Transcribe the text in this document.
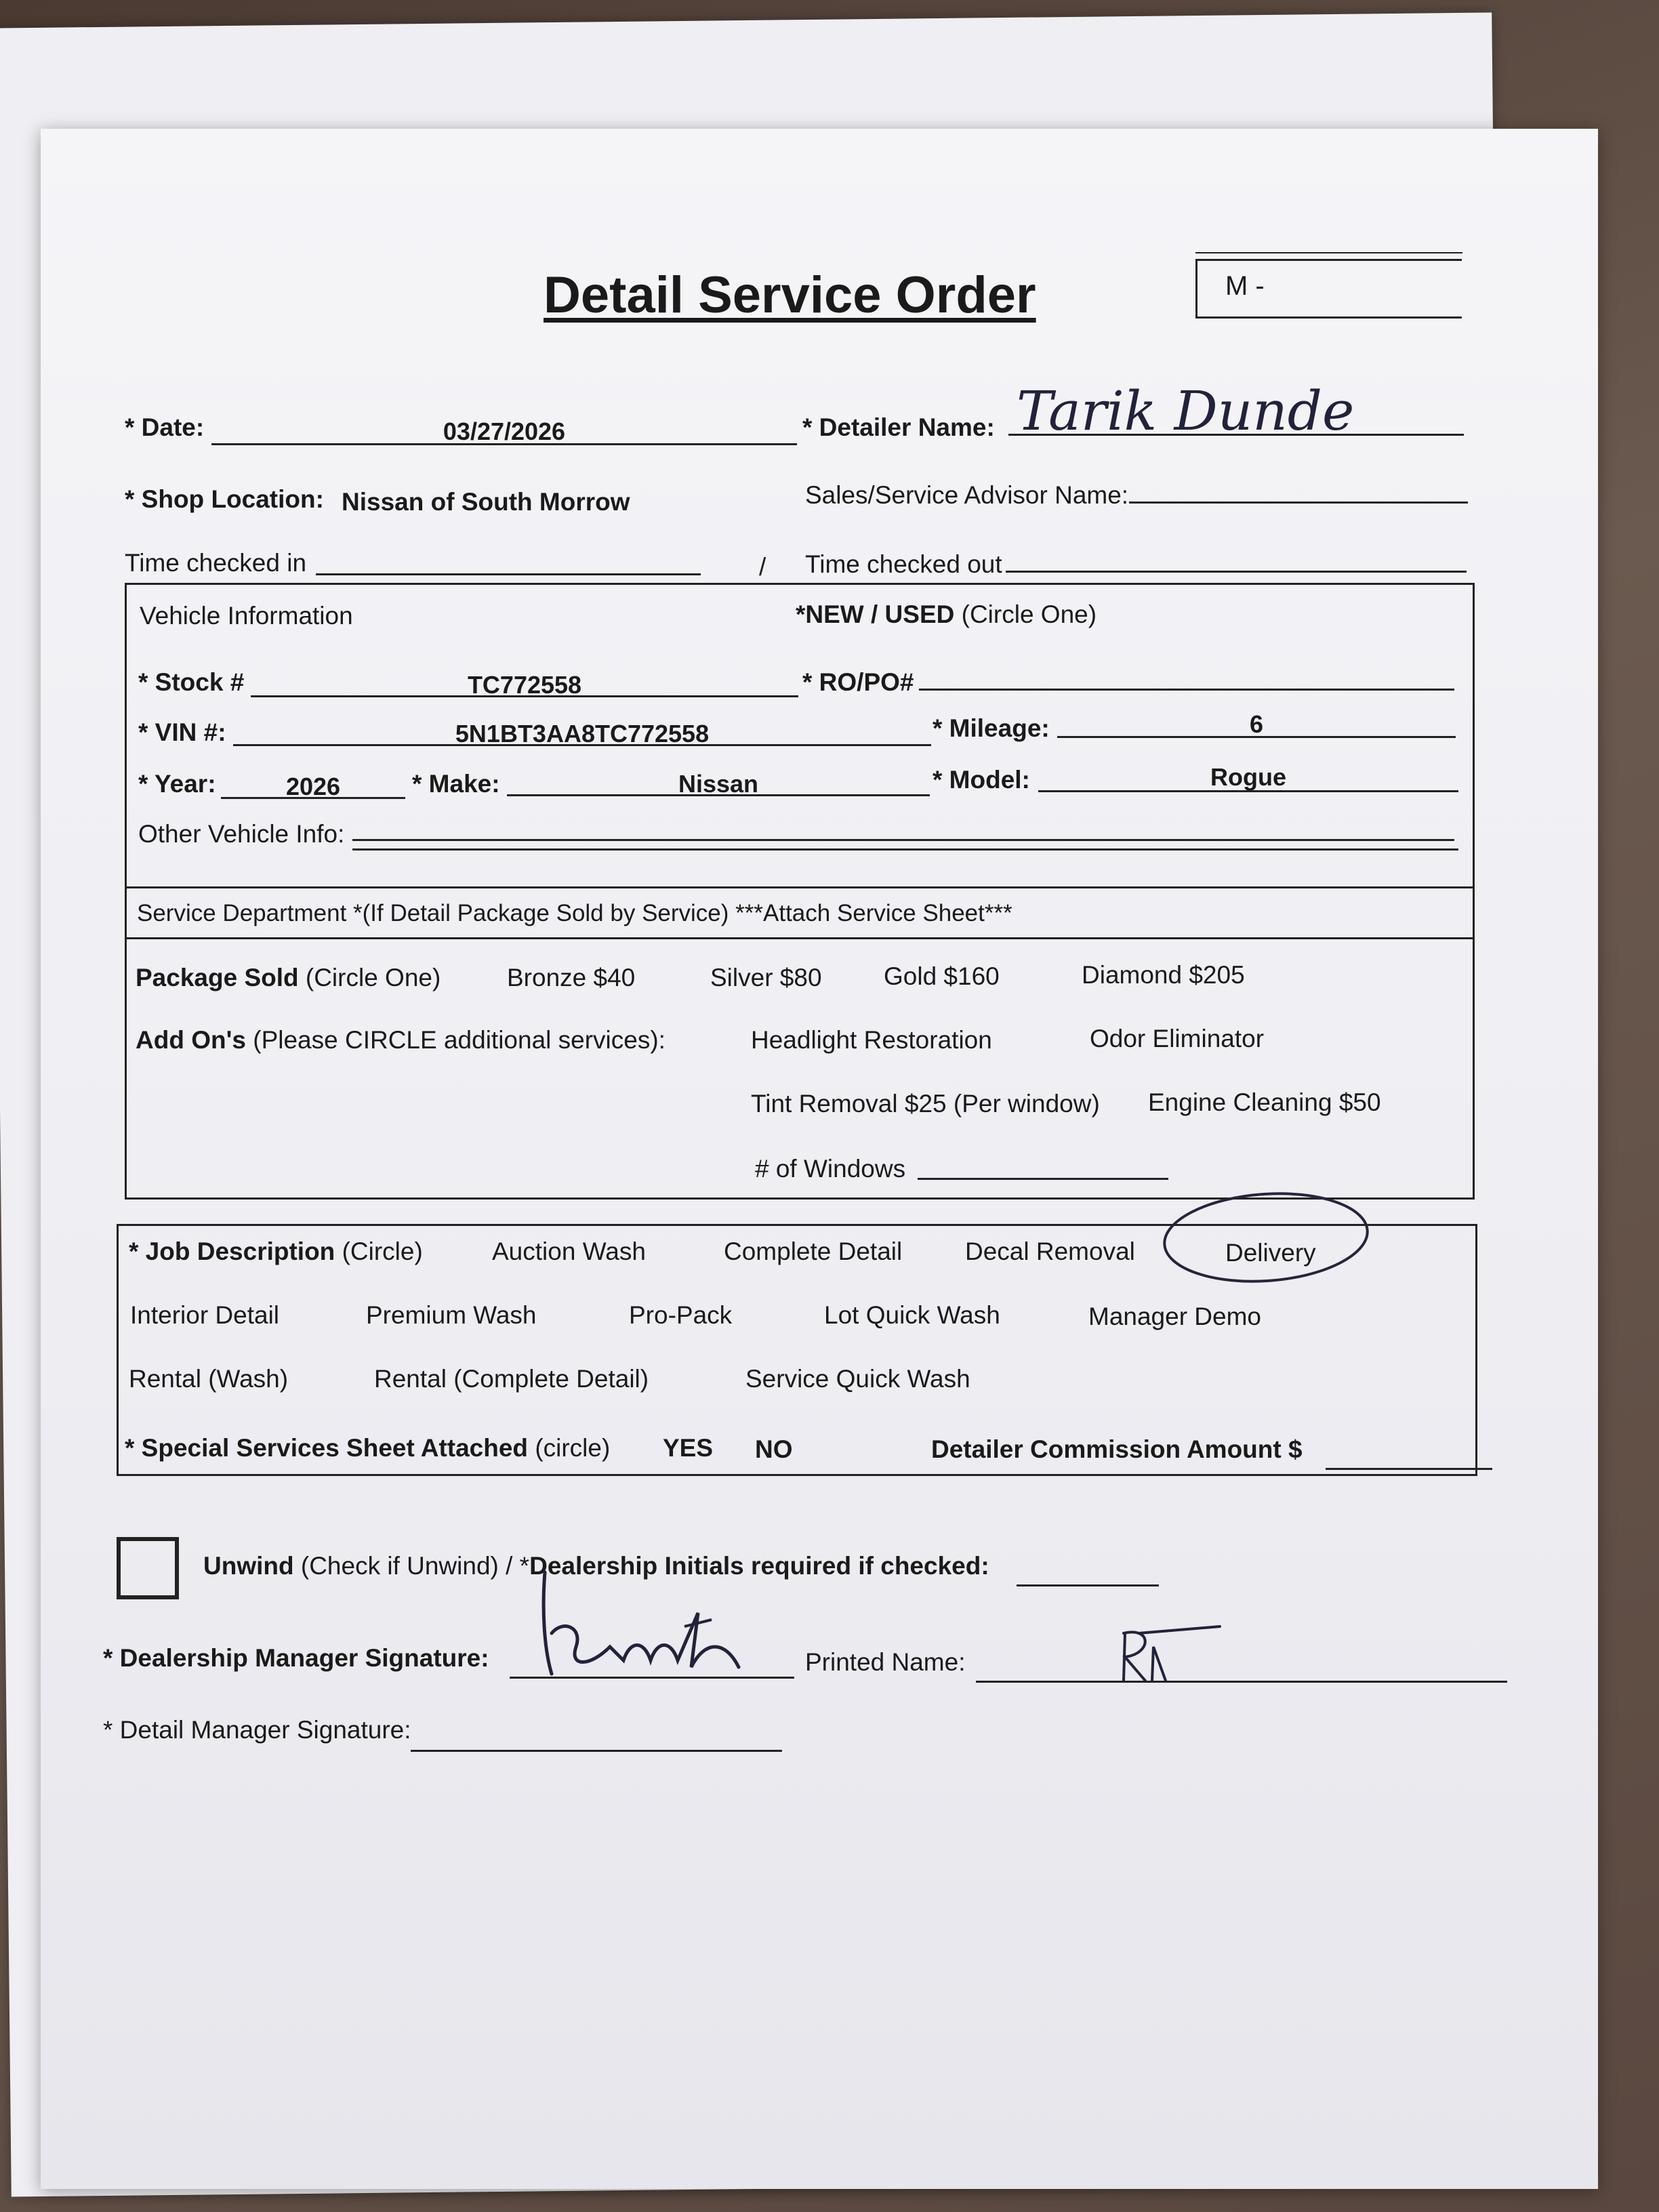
Detail Service Order	M -
* Date:	03/27/2026	* Detailer Name: Tarik Dunde
* Shop Location: Nissan of South Morrow	Sales/Service Advisor Name:
Time checked in	/ Time checked out
Vehicle Information	*NEW / USED (Circle One)
* Stock #	TC772558	* RO/PO#
* VIN #:	5N1BT3AA8TC772558	* Mileage:	6
* Year:	2026	* Make:	Nissan	* Model:	Rogue
Other Vehicle Info:
Service Department *(If Detail Package Sold by Service) ***Attach Service Sheet***
Package Sold (Circle One)	Bronze $40	Silver $80 Gold $160	Diamond $205
Add On's (Please CIRCLE additional services):	Headlight Restoration	Odor Eliminator
Tint Removal $25 (Per window) Engine Cleaning $50
# of Windows
* Job Description (Circle)	Auction Wash	Complete Detail	Decal Removal	Delivery
Interior Detail	Premium Wash	Pro-Pack	Lot Quick Wash	Manager Demo
Rental (Wash)	Rental (Complete Detail)	Service Quick Wash
* Special Services Sheet Attached (circle) YES NO	Detailer Commission Amount $
Unwind (Check if Unwind) / *Dealership Initials required if checked:
* Dealership Manager Signature:	Printed Name:
* Detail Manager Signature:
